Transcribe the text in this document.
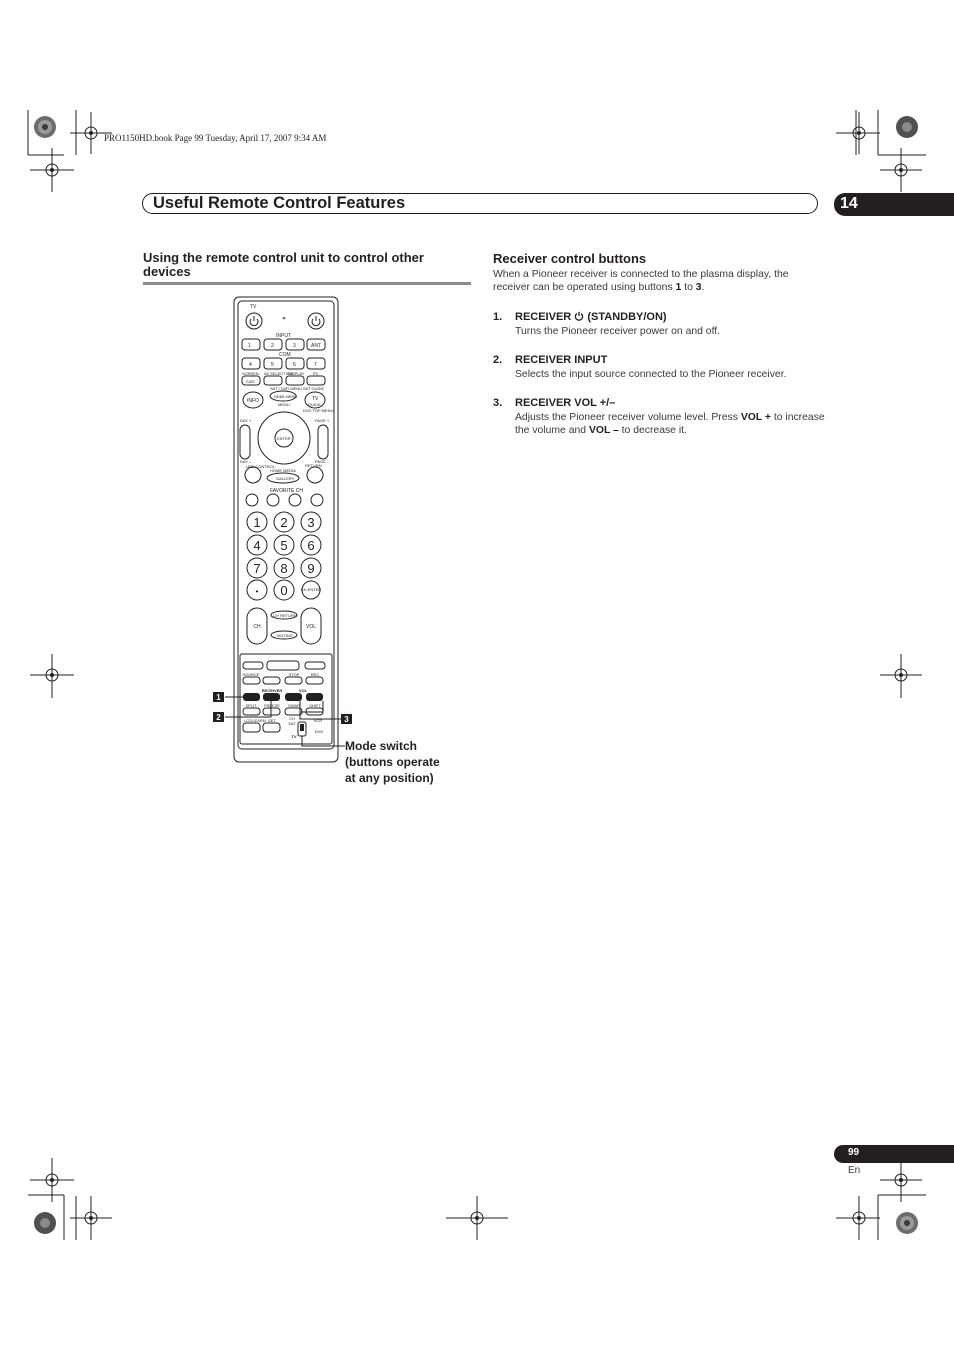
PRO1150HD.book Page 99 Tuesday, April 17, 2007 9:34 AM
Useful Remote Control Features	14
Using the remote control unit to control other devices
Receiver control buttons
When a Pioneer receiver is connected to the plasma display, the receiver can be operated using buttons 1 to 3.
1. RECEIVER  (STANDBY/ON)
Turns the Pioneer receiver power on and off.
2. RECEIVER INPUT
Selects the input source connected to the Pioneer receiver.
3. RECEIVER VOL +/–
Adjusts the Pioneer receiver volume level. Press VOL + to increase the volume and VOL – to decrease it.
TV
INPUT
COM
1	2	3	ANT
4	5	6	7
SCREEN AV SELECTION
DISPLAY PC
SIZE
SAT / DVR MENU SAT GUIDE
INFO
HDMI MENU
MENU
TV
GUIDE
DVD TOP MENU
DAY +	PAGE +
ENTER
DAY –	PAGE –
USB CONTROL
HOME MEDIA
GALLERY
RETURN
FAVORITE CH
1 2 3
4 5 6
7 8 9
• 0	CH ENTER
CH	VOL
CH RETURN
MUTING
SOURCE	STOP	REC
RECEIVER	VOL
SPLIT FREEZE SWAP SHIFT
LCD LEARN SET	CH
SAT
VCR
DVD
TV
1
2	3
Mode switch
(buttons operate
at any position)
99
En
